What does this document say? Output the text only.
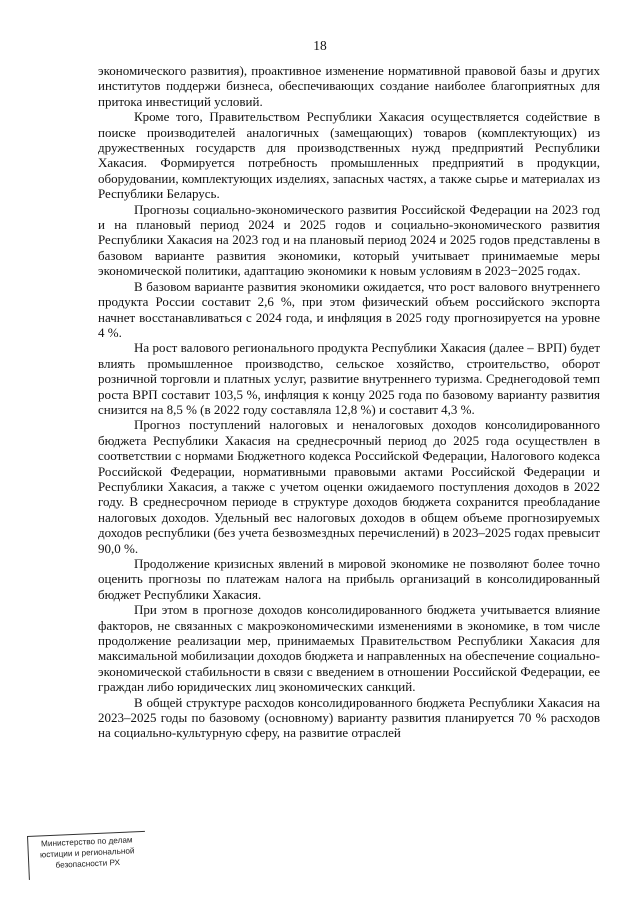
18

экономического развития), проактивное изменение нормативной правовой базы и других институтов поддержи бизнеса, обеспечивающих создание наиболее благоприятных для притока инвестиций условий.

Кроме того, Правительством Республики Хакасия осуществляется содействие в поиске производителей аналогичных (замещающих) товаров (комплектующих) из дружественных государств для производственных нужд предприятий Республики Хакасия. Формируется потребность промышленных предприятий в продукции, оборудовании, комплектующих изделиях, запасных частях, а также сырье и материалах из Республики Беларусь.

Прогнозы социально-экономического развития Российской Федерации на 2023 год и на плановый период 2024 и 2025 годов и социально-экономического развития Республики Хакасия на 2023 год и на плановый период 2024 и 2025 годов представлены в базовом варианте развития экономики, который учитывает принимаемые меры экономической политики, адаптацию экономики к новым условиям в 2023−2025 годах.

В базовом варианте развития экономики ожидается, что рост валового внутреннего продукта России составит 2,6 %, при этом физический объем российского экспорта начнет восстанавливаться с 2024 года, и инфляция в 2025 году прогнозируется на уровне 4 %.

На рост валового регионального продукта Республики Хакасия (далее – ВРП) будет влиять промышленное производство, сельское хозяйство, строительство, оборот розничной торговли и платных услуг, развитие внутреннего туризма. Среднегодовой темп роста ВРП составит 103,5 %, инфляция к концу 2025 года по базовому варианту развития снизится на 8,5 % (в 2022 году составляла 12,8 %) и составит 4,3 %.

Прогноз поступлений налоговых и неналоговых доходов консолидированного бюджета Республики Хакасия на среднесрочный период до 2025 года осуществлен в соответствии с нормами Бюджетного кодекса Российской Федерации, Налогового кодекса Российской Федерации, нормативными правовыми актами Российской Федерации и Республики Хакасия, а также с учетом оценки ожидаемого поступления доходов в 2022 году. В среднесрочном периоде в структуре доходов бюджета сохранится преобладание налоговых доходов. Удельный вес налоговых доходов в общем объеме прогнозируемых доходов республики (без учета безвозмездных перечислений) в 2023–2025 годах превысит 90,0 %.

Продолжение кризисных явлений в мировой экономике не позволяют более точно оценить прогнозы по платежам налога на прибыль организаций в консолидированный бюджет Республики Хакасия.

При этом в прогнозе доходов консолидированного бюджета учитывается влияние факторов, не связанных с макроэкономическими изменениями в экономике, в том числе продолжение реализации мер, принимаемых Правительством Республики Хакасия для максимальной мобилизации доходов бюджета и направленных на обеспечение социально-экономической стабильности в связи с введением в отношении Российской Федерации, ее граждан либо юридических лиц экономических санкций.

В общей структуре расходов консолидированного бюджета Республики Хакасия на 2023–2025 годы по базовому (основному) варианту развития планируется 70 % расходов на социально-культурную сферу, на развитие отраслей

Министерство по делам
юстиции и региональной
безопасности РХ
